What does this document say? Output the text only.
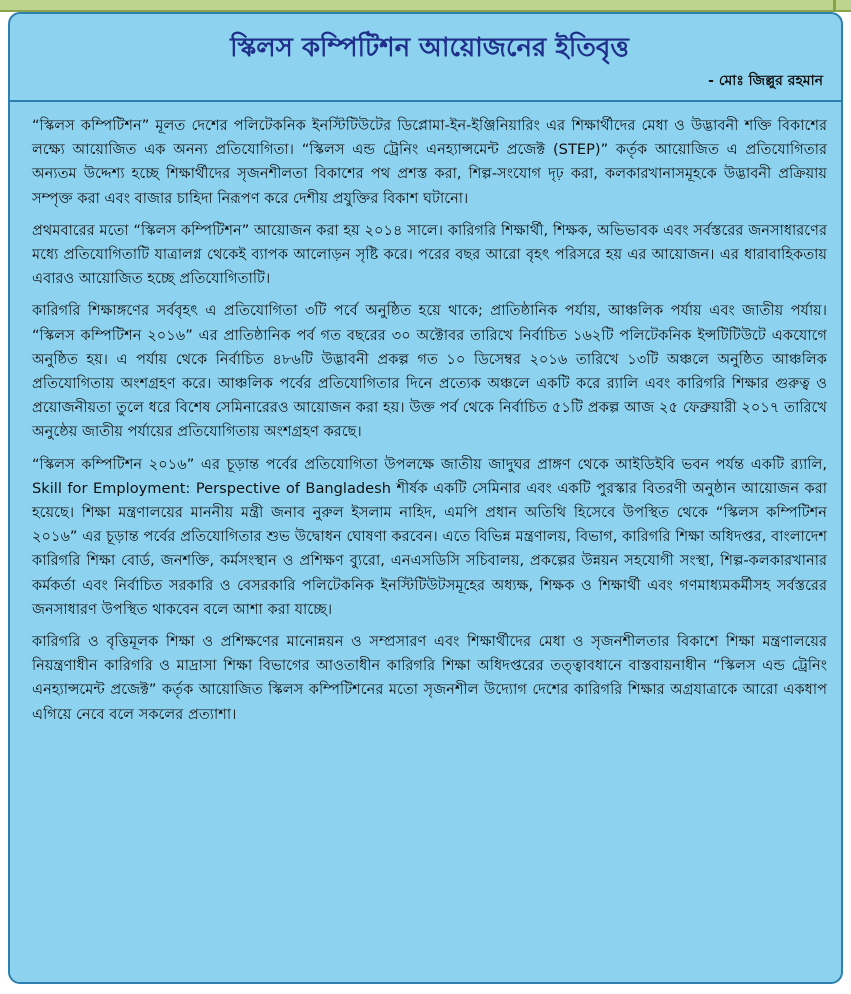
স্কিলস কম্পিটিশন আয়োজনের ইতিবৃত্ত
- মোঃ জিল্লুর রহমান

“স্কিলস কম্পিটিশন” মূলত দেশের পলিটেকনিক ইনস্টিটিউটের ডিপ্লোমা-ইন-ইঞ্জিনিয়ারিং এর শিক্ষার্থীদের মেধা ও উদ্ভাবনী শক্তি বিকাশের লক্ষ্যে আয়োজিত এক অনন্য প্রতিযোগিতা। “স্কিলস এন্ড ট্রেনিং এনহ্যান্সমেন্ট প্রজেক্ট (STEP)” কর্তৃক আয়োজিত এ প্রতিযোগিতার অন্যতম উদ্দেশ্য হচ্ছে শিক্ষার্থীদের সৃজনশীলতা বিকাশের পথ প্রশস্ত করা, শিল্প-সংযোগ দৃঢ় করা, কলকারখানাসমূহকে উদ্ভাবনী প্রক্রিয়ায় সম্পৃক্ত করা এবং বাজার চাহিদা নিরূপণ করে দেশীয় প্রযুক্তির বিকাশ ঘটানো।

প্রথমবারের মতো “স্কিলস কম্পিটিশন” আয়োজন করা হয় ২০১৪ সালে। কারিগরি শিক্ষার্থী, শিক্ষক, অভিভাবক এবং সর্বস্তরের জনসাধারণের মধ্যে প্রতিযোগিতাটি যাত্রালগ্ন থেকেই ব্যাপক আলোড়ন সৃষ্টি করে। পরের বছর আরো বৃহৎ পরিসরে হয় এর আয়োজন। এর ধারাবাহিকতায় এবারও আয়োজিত হচ্ছে প্রতিযোগিতাটি।

কারিগরি শিক্ষাঙ্গণের সর্ববৃহৎ এ প্রতিযোগিতা ৩টি পর্বে অনুষ্ঠিত হয়ে থাকে; প্রাতিষ্ঠানিক পর্যায়, আঞ্চলিক পর্যায় এবং জাতীয় পর্যায়। “স্কিলস কম্পিটিশন ২০১৬” এর প্রাতিষ্ঠানিক পর্ব গত বছরের ৩০ অক্টোবর তারিখে নির্বাচিত ১৬২টি পলিটেকনিক ইন্সটিটিউটে একযোগে অনুষ্ঠিত হয়। এ পর্যায় থেকে নির্বাচিত ৪৮৬টি উদ্ভাবনী প্রকল্প গত ১০ ডিসেম্বর ২০১৬ তারিখে ১৩টি অঞ্চলে অনুষ্ঠিত আঞ্চলিক প্রতিযোগিতায় অংশগ্রহণ করে। আঞ্চলিক পর্বের প্রতিযোগিতার দিনে প্রত্যেক অঞ্চলে একটি করে র‍্যালি এবং কারিগরি শিক্ষার গুরুত্ব ও প্রয়োজনীয়তা তুলে ধরে বিশেষ সেমিনারেরও আয়োজন করা হয়। উক্ত পর্ব থেকে নির্বাচিত ৫১টি প্রকল্প আজ ২৫ ফেব্রুয়ারী ২০১৭ তারিখে অনুষ্ঠেয় জাতীয় পর্যায়ের প্রতিযোগিতায় অংশগ্রহণ করছে।

“স্কিলস কম্পিটিশন ২০১৬” এর চূড়ান্ত পর্বের প্রতিযোগিতা উপলক্ষে জাতীয় জাদুঘর প্রাঙ্গণ থেকে আইডিইবি ভবন পর্যন্ত একটি র‍্যালি, Skill for Employment: Perspective of Bangladesh শীর্ষক একটি সেমিনার এবং একটি পুরস্কার বিতরণী অনুষ্ঠান আয়োজন করা হয়েছে। শিক্ষা মন্ত্রণালয়ের মাননীয় মন্ত্রী জনাব নুরুল ইসলাম নাহিদ, এমপি প্রধান অতিথি হিসেবে উপস্থিত থেকে “স্কিলস কম্পিটিশন ২০১৬” এর চূড়ান্ত পর্বের প্রতিযোগিতার শুভ উদ্বোধন ঘোষণা করবেন। এতে বিভিন্ন মন্ত্রণালয়, বিভাগ, কারিগরি শিক্ষা অধিদপ্তর, বাংলাদেশ কারিগরি শিক্ষা বোর্ড, জনশক্তি, কর্মসংস্থান ও প্রশিক্ষণ ব্যুরো, এনএসডিসি সচিবালয়, প্রকল্পের উন্নয়ন সহযোগী সংস্থা, শিল্প-কলকারখানার কর্মকর্তা এবং নির্বাচিত সরকারি ও বেসরকারি পলিটেকনিক ইনস্টিটিউটসমূহের অধ্যক্ষ, শিক্ষক ও শিক্ষার্থী এবং গণমাধ্যমকর্মীসহ সর্বস্তরের জনসাধারণ উপস্থিত থাকবেন বলে আশা করা যাচ্ছে।

কারিগরি ও বৃত্তিমূলক শিক্ষা ও প্রশিক্ষণের মানোন্নয়ন ও সম্প্রসারণ এবং শিক্ষার্থীদের মেধা ও সৃজনশীলতার বিকাশে শিক্ষা মন্ত্রণালয়ের নিয়ন্ত্রণাধীন কারিগরি ও মাদ্রাসা শিক্ষা বিভাগের আওতাধীন কারিগরি শিক্ষা অধিদপ্তরের তত্ত্বাবধানে বাস্তবায়নাধীন “স্কিলস এন্ড ট্রেনিং এনহ্যান্সমেন্ট প্রজেক্ট” কর্তৃক আয়োজিত স্কিলস কম্পিটিশনের মতো সৃজনশীল উদ্যোগ দেশের কারিগরি শিক্ষার অগ্রযাত্রাকে আরো একধাপ এগিয়ে নেবে বলে সকলের প্রত্যাশা।
